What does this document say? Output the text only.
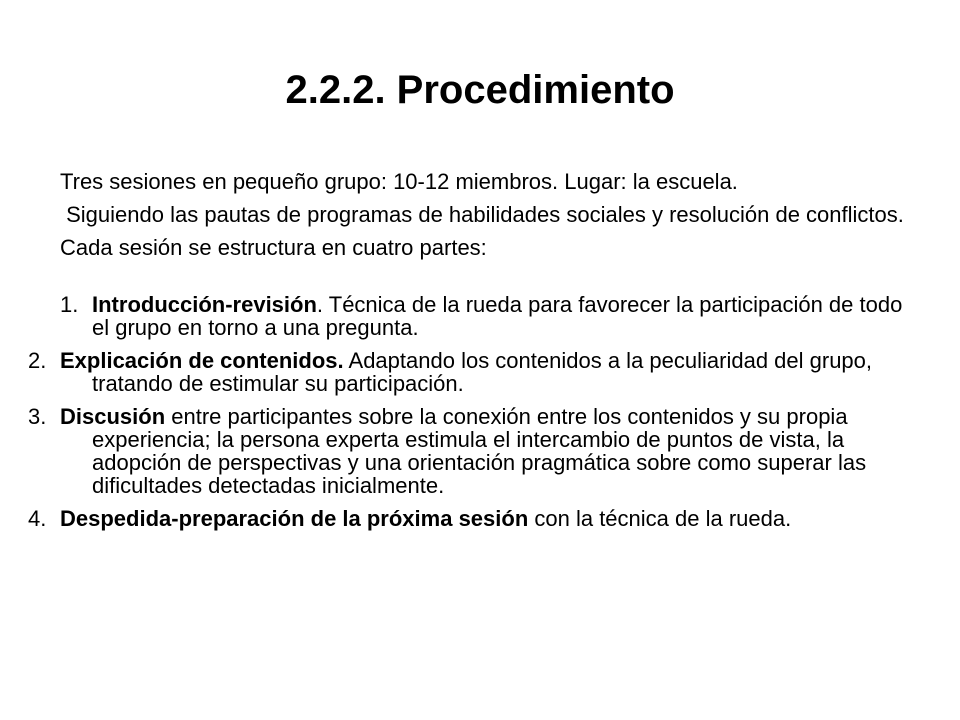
2.2.2. Procedimiento

Tres sesiones en pequeño grupo: 10-12 miembros. Lugar: la escuela.

Siguiendo las pautas de programas de habilidades sociales y resolución de conflictos.

Cada sesión se estructura en cuatro partes:

1. Introducción-revisión. Técnica de la rueda para favorecer la participación de todo el grupo en torno a una pregunta.

2. Explicación de contenidos. Adaptando los contenidos a la peculiaridad del grupo, tratando de estimular su participación.

3. Discusión entre participantes sobre la conexión entre los contenidos y su propia experiencia; la persona experta estimula el intercambio de puntos de vista, la adopción de perspectivas y una orientación pragmática sobre como superar las dificultades detectadas inicialmente.

4. Despedida-preparación de la próxima sesión con la técnica de la rueda.
